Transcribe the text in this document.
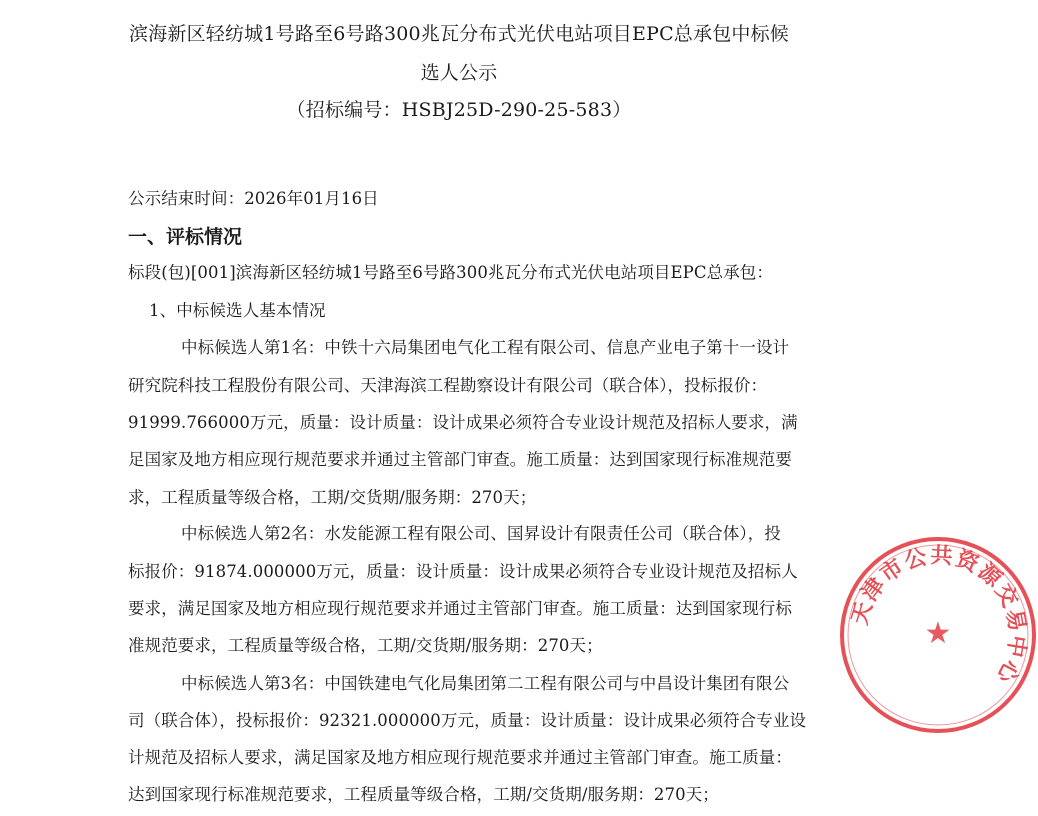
滨海新区轻纺城1号路至6号路300兆瓦分布式光伏电站项目EPC总承包中标候
选人公示
（招标编号：HSBJ25D-290-25-583）
公示结束时间：2026年01月16日
一、评标情况
标段(包)[001]滨海新区轻纺城1号路至6号路300兆瓦分布式光伏电站项目EPC总承包：
1、中标候选人基本情况
中标候选人第1名：中铁十六局集团电气化工程有限公司、信息产业电子第十一设计
研究院科技工程股份有限公司、天津海滨工程勘察设计有限公司（联合体），投标报价：
91999.766000万元，质量：设计质量：设计成果必须符合专业设计规范及招标人要求，满
足国家及地方相应现行规范要求并通过主管部门审查。施工质量：达到国家现行标准规范要
求，工程质量等级合格，工期/交货期/服务期：270天；
中标候选人第2名：水发能源工程有限公司、国昇设计有限责任公司（联合体），投
标报价：91874.000000万元，质量：设计质量：设计成果必须符合专业设计规范及招标人
要求，满足国家及地方相应现行规范要求并通过主管部门审查。施工质量：达到国家现行标
准规范要求，工程质量等级合格，工期/交货期/服务期：270天；
中标候选人第3名：中国铁建电气化局集团第二工程有限公司与中昌设计集团有限公
司（联合体），投标报价：92321.000000万元，质量：设计质量：设计成果必须符合专业设
计规范及招标人要求，满足国家及地方相应现行规范要求并通过主管部门审查。施工质量：
达到国家现行标准规范要求，工程质量等级合格，工期/交货期/服务期：270天；
天津市公共资源交易中心
★
